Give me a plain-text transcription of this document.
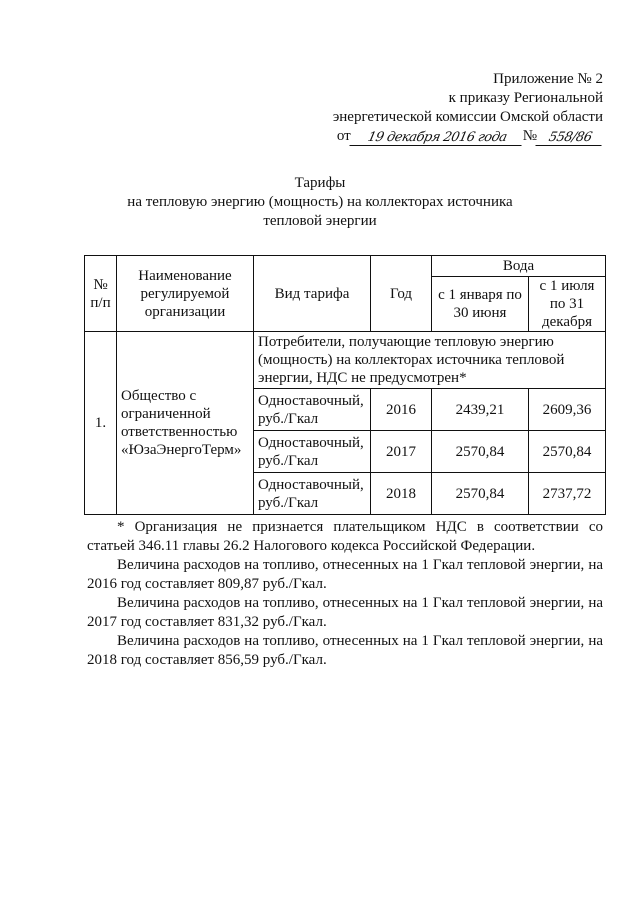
Приложение № 2
к приказу Региональной
энергетической комиссии Омской области
от	19 декабря 2016 года № 558/86
Тарифы
на тепловую энергию (мощность) на коллекторах источника
тепловой энергии
№ п/п	Наименование регулируемой организации	Вид тарифа	Год	Вода	
				с 1 января по 30 июня	с 1 июля по 31 декабря
1.	Общество с ограниченной ответственностью «ЮзаЭнергоТерм»	Потребители, получающие тепловую энергию (мощность) на коллекторах источника тепловой энергии, НДС не предусмотрен*			
		Одноставочный, руб./Гкал	2016	2439,21	2609,36
		Одноставочный, руб./Гкал	2017	2570,84	2570,84
		Одноставочный, руб./Гкал	2018	2570,84	2737,72

* Организация не признается плательщиком НДС в соответствии со статьей 346.11 главы 26.2 Налогового кодекса Российской Федерации.

Величина расходов на топливо, отнесенных на 1 Гкал тепловой энергии, на 2016 год составляет 809,87 руб./Гкал.

Величина расходов на топливо, отнесенных на 1 Гкал тепловой энергии, на 2017 год составляет 831,32 руб./Гкал.

Величина расходов на топливо, отнесенных на 1 Гкал тепловой энергии, на 2018 год составляет 856,59 руб./Гкал.
